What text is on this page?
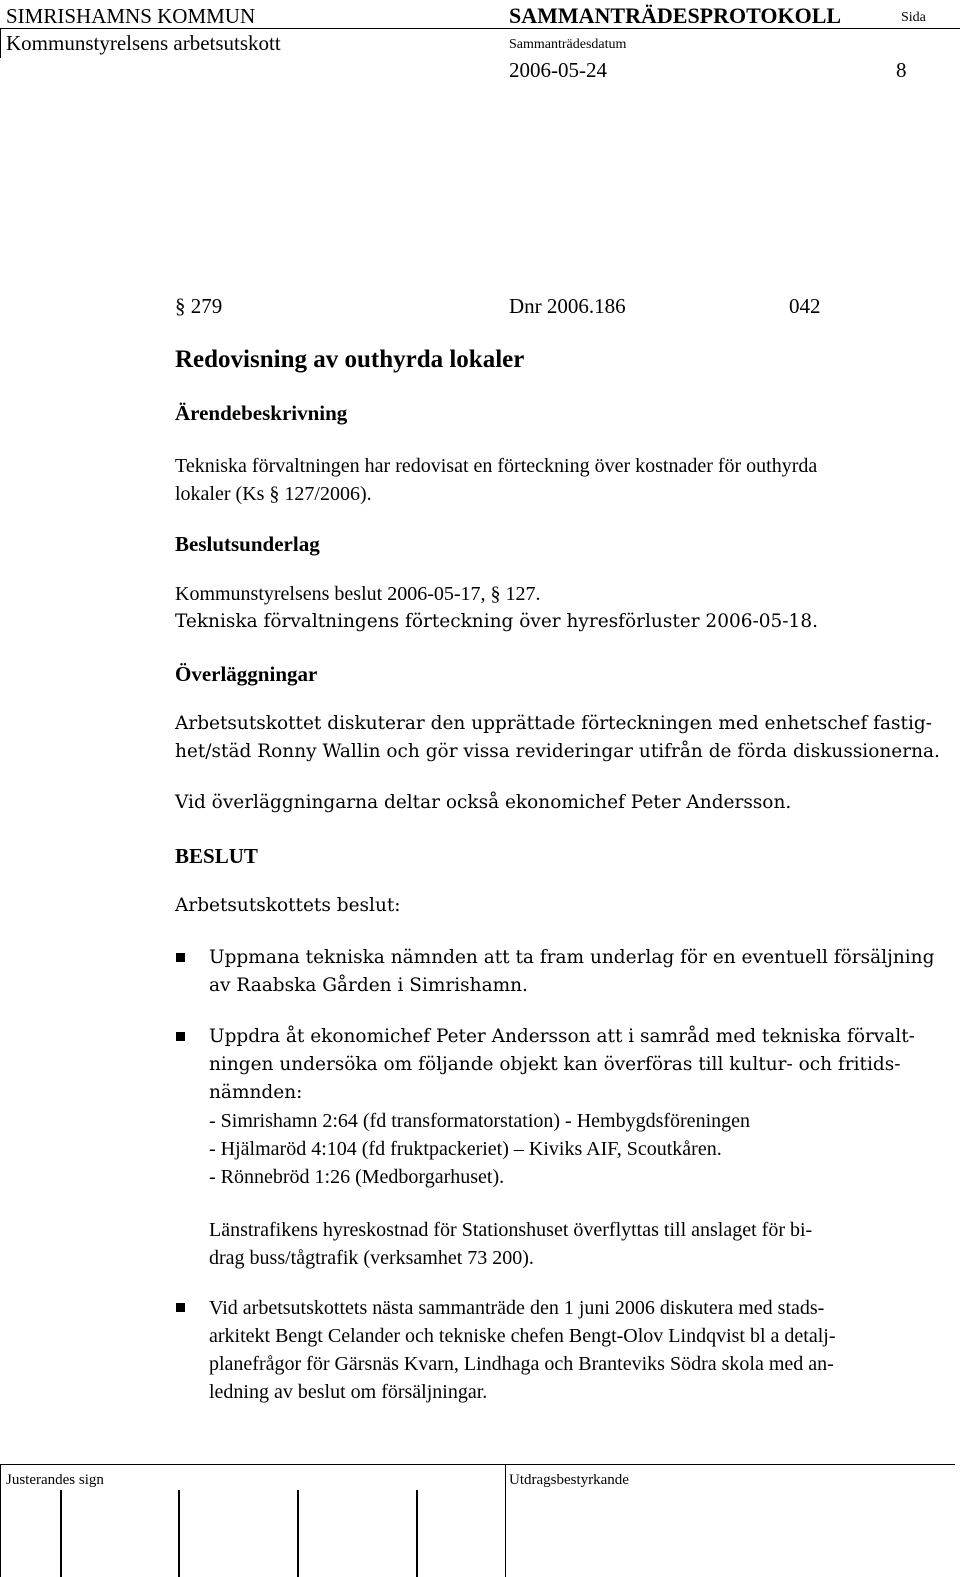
SIMRISHAMNS KOMMUN
Kommunstyrelsens arbetsutskott
SAMMANTRÄDESPROTOKOLL	Sida
Sammanträdesdatum
2006-05-24	8
§ 279	Dnr 2006.186	042
Redovisning av outhyrda lokaler
Ärendebeskrivning
Tekniska förvaltningen har redovisat en förteckning över kostnader för outhyrda
lokaler (Ks § 127/2006).
Beslutsunderlag
Kommunstyrelsens beslut 2006-05-17, § 127.
Tekniska förvaltningens förteckning över hyresförluster 2006-05-18.
Överläggningar
Arbetsutskottet diskuterar den upprättade förteckningen med enhetschef fastig-
het/städ Ronny Wallin och gör vissa revideringar utifrån de förda diskussionerna.
Vid överläggningarna deltar också ekonomichef Peter Andersson.
BESLUT
Arbetsutskottets beslut:
Uppmana tekniska nämnden att ta fram underlag för en eventuell försäljning
av Raabska Gården i Simrishamn.
Uppdra åt ekonomichef Peter Andersson att i samråd med tekniska förvalt-
ningen undersöka om följande objekt kan överföras till kultur- och fritids-
nämnden:
- Simrishamn 2:64 (fd transformatorstation) - Hembygdsföreningen
- Hjälmaröd 4:104 (fd fruktpackeriet) – Kiviks AIF, Scoutkåren.
- Rönnebröd 1:26 (Medborgarhuset).
Länstrafikens hyreskostnad för Stationshuset överflyttas till anslaget för bi-
drag buss/tågtrafik (verksamhet 73 200).
Vid arbetsutskottets nästa sammanträde den 1 juni 2006 diskutera med stads-
arkitekt Bengt Celander och tekniske chefen Bengt-Olov Lindqvist bl a detalj-
planefrågor för Gärsnäs Kvarn, Lindhaga och Branteviks Södra skola med an-
ledning av beslut om försäljningar.
Justerandes sign	Utdragsbestyrkande
